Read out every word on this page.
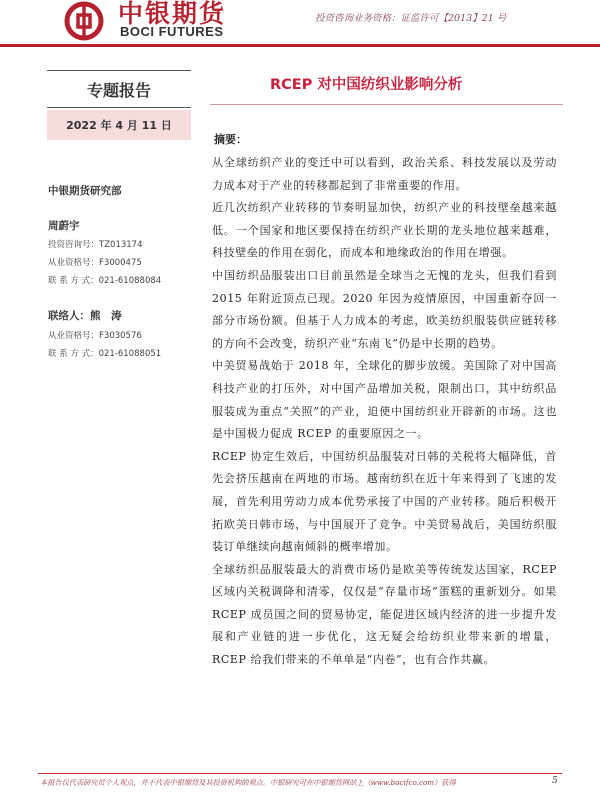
中银期货
BOCI FUTURES
投资咨询业务资格：证监许可【2013】21 号
专题报告
2022 年 4 月 11 日
中银期货研究部
周蔚宇
投资咨询号：TZ013174
从业资格号：F3000475
联 系 方 式：021-61088084
联络人：熊　涛
从业资格号：F3030576
联 系 方 式：021-61088051
RCEP 对中国纺织业影响分析
摘要：

从全球纺织产业的变迁中可以看到，政治关系、科技发展以及劳动力成本对于产业的转移都起到了非常重要的作用。

近几次纺织产业转移的节奏明显加快，纺织产业的科技壁垒越来越低。一个国家和地区要保持在纺织产业长期的龙头地位越来越难，科技壁垒的作用在弱化，而成本和地缘政治的作用在增强。

中国纺织品服装出口目前虽然是全球当之无愧的龙头，但我们看到 2015 年附近顶点已现。2020 年因为疫情原因，中国重新夺回一部分市场份额。但基于人力成本的考虑，欧美纺织服装供应链转移的方向不会改变，纺织产业“东南飞”仍是中长期的趋势。

中美贸易战始于 2018 年，全球化的脚步放缓。美国除了对中国高科技产业的打压外，对中国产品增加关税，限制出口，其中纺织品服装成为重点“关照”的产业，迫使中国纺织业开辟新的市场。这也是中国极力促成 RCEP 的重要原因之一。

RCEP 协定生效后，中国纺织品服装对日韩的关税将大幅降低，首先会挤压越南在两地的市场。越南纺织在近十年来得到了飞速的发展，首先利用劳动力成本优势承接了中国的产业转移。随后积极开拓欧美日韩市场，与中国展开了竞争。中美贸易战后，美国纺织服装订单继续向越南倾斜的概率增加。

全球纺织品服装最大的消费市场仍是欧美等传统发达国家，RCEP 区域内关税调降和清零，仅仅是“存量市场”蛋糕的重新划分。如果 RCEP 成员国之间的贸易协定，能促进区域内经济的进一步提升发展和产业链的进一步优化，这无疑会给纺织业带来新的增量，RCEP 给我们带来的不单单是“内卷”，也有合作共赢。

本报告仅代表研究员个人观点，并不代表中银期货及其投资机构的观点。中银研究可在中银期货网站上（www.bocifco.com）获得	5
